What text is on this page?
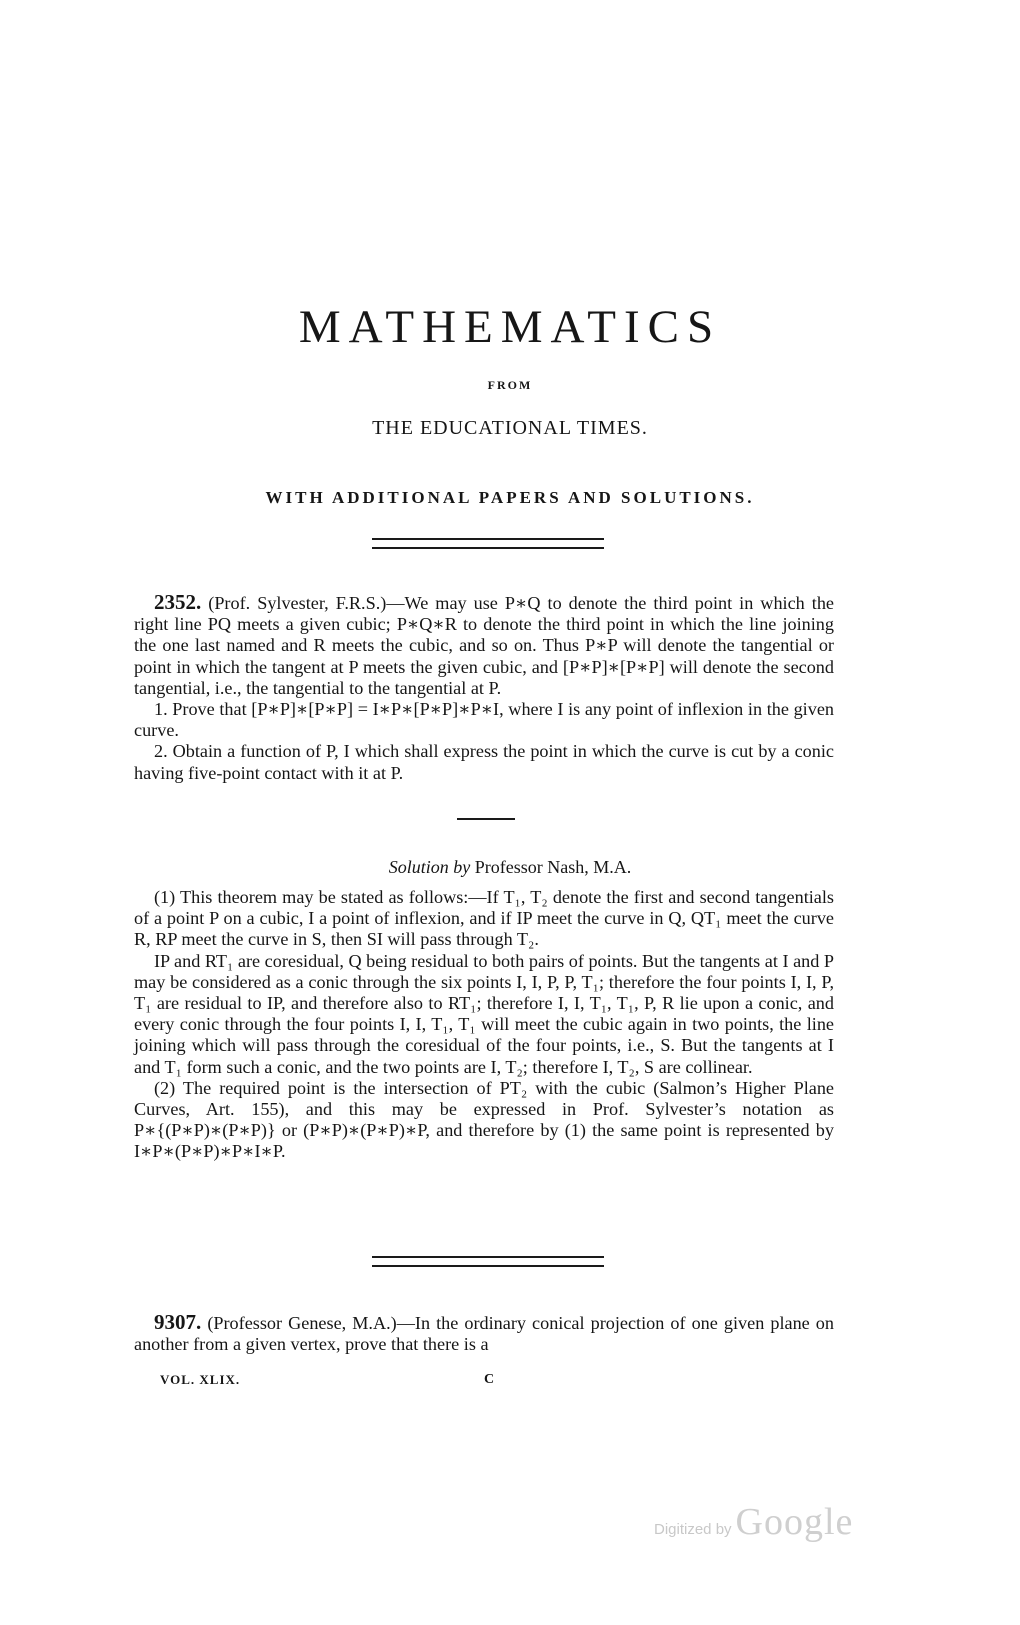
MATHEMATICS
FROM
THE EDUCATIONAL TIMES.
WITH ADDITIONAL PAPERS AND SOLUTIONS.

2352. (Prof. Sylvester, F.R.S.)—We may use P∗Q to denote the third point in which the right line PQ meets a given cubic; P∗Q∗R to denote the third point in which the line joining the one last named and R meets the cubic, and so on. Thus P∗P will denote the tangential or point in which the tangent at P meets the given cubic, and [P∗P]∗[P∗P] will denote the second tangential, i.e., the tangential to the tangential at P.

1. Prove that [P∗P]∗[P∗P] = I∗P∗[P∗P]∗P∗I, where I is any point of inflexion in the given curve.

2. Obtain a function of P, I which shall express the point in which the curve is cut by a conic having five-point contact with it at P.

Solution by Professor Nash, M.A.

(1) This theorem may be stated as follows:—If T₁, T₂ denote the first and second tangentials of a point P on a cubic, I a point of inflexion, and if IP meet the curve in Q, QT₁ meet the curve R, RP meet the curve in S, then SI will pass through T₂.

IP and RT₁ are coresidual, Q being residual to both pairs of points. But the tangents at I and P may be considered as a conic through the six points I, I, P, P, T₁; therefore the four points I, I, P, T₁ are residual to IP, and therefore also to RT₁; therefore I, I, T₁, T₁, P, R lie upon a conic, and every conic through the four points I, I, T₁, T₁ will meet the cubic again in two points, the line joining which will pass through the coresidual of the four points, i.e., S. But the tangents at I and T₁ form such a conic, and the two points are I, T₂; therefore I, T₂, S are collinear.

(2) The required point is the intersection of PT₂ with the cubic (Salmon’s Higher Plane Curves, Art. 155), and this may be expressed in Prof. Sylvester’s notation as P∗{(P∗P)∗(P∗P)} or (P∗P)∗(P∗P)∗P, and therefore by (1) the same point is represented by I∗P∗(P∗P)∗P∗I∗P.

9307. (Professor Genese, M.A.)—In the ordinary conical projection of one given plane on another from a given vertex, prove that there is a

VOL. XLIX.	C
Digitized by Google
